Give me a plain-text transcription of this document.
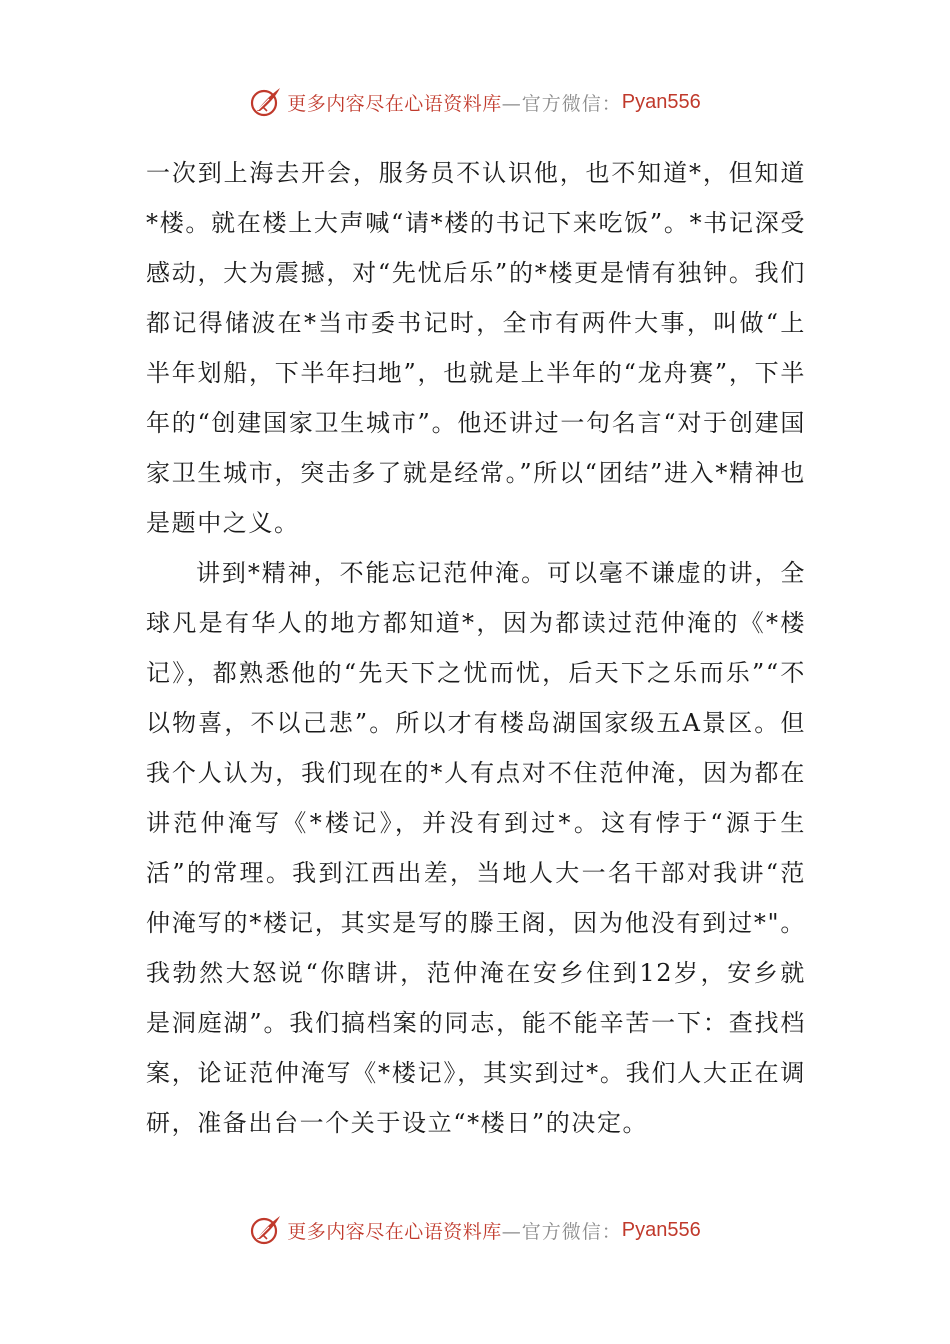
更多内容尽在心语资料库 —官方微信： Pyan556

一次到上海去开会，服务员不认识他，也不知道*，但知道*楼。就在楼上大声喊“请*楼的书记下来吃饭”。*书记深受感动，大为震撼，对“先忧后乐”的*楼更是情有独钟。我们都记得储波在*当市委书记时，全市有两件大事，叫做“上半年划船，下半年扫地”，也就是上半年的“龙舟赛”，下半年的“创建国家卫生城市”。他还讲过一句名言“对于创建国家卫生城市，突击多了就是经常。”所以“团结”进入*精神也是题中之义。

讲到*精神，不能忘记范仲淹。可以毫不谦虚的讲，全球凡是有华人的地方都知道*，因为都读过范仲淹的《*楼记》，都熟悉他的“先天下之忧而忧，后天下之乐而乐”“不以物喜，不以己悲”。所以才有楼岛湖国家级五A景区。但我个人认为，我们现在的*人有点对不住范仲淹，因为都在讲范仲淹写《*楼记》，并没有到过*。这有悖于“源于生活”的常理。我到江西出差，当地人大一名干部对我讲“范仲淹写的*楼记，其实是写的滕王阁，因为他没有到过*"。我勃然大怒说“你瞎讲，范仲淹在安乡住到12岁，安乡就是洞庭湖”。我们搞档案的同志，能不能辛苦一下：查找档案，论证范仲淹写《*楼记》，其实到过*。我们人大正在调研，准备出台一个关于设立“*楼日”的决定。

更多内容尽在心语资料库 —官方微信： Pyan556
